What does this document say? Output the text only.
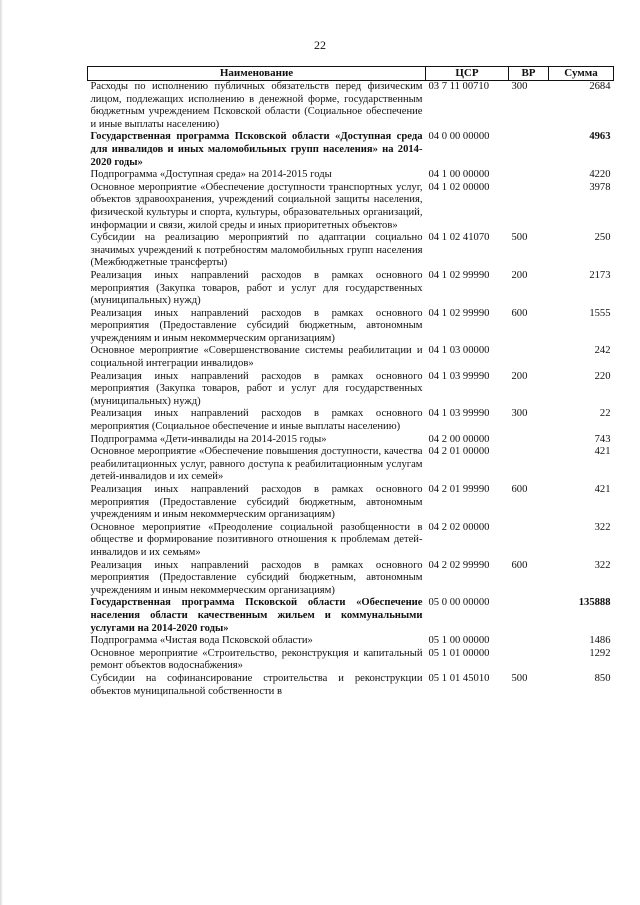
22
Наименование	ЦСР	ВР	Сумма
Расходы по исполнению публичных обязательств перед физическим лицом, подлежащих исполнению в денежной форме, государственным бюджетным учреждением Псковской области (Социальное обеспечение и иные выплаты населению)	03 7 11 00710	300	2684
Государственная программа Псковской области «Доступная среда для инвалидов и иных маломобильных групп населения» на 2014-2020 годы»	04 0 00 00000		4963
Подпрограмма «Доступная среда» на 2014-2015 годы	04 1 00 00000		4220
Основное мероприятие «Обеспечение доступности транспортных услуг, объектов здравоохранения, учреждений социальной защиты населения, физической культуры и спорта, культуры, образовательных организаций, информации и связи, жилой среды и иных приоритетных объектов»	04 1 02 00000		3978
Субсидии на реализацию мероприятий по адаптации социально значимых учреждений к потребностям маломобильных групп населения (Межбюджетные трансферты)	04 1 02 41070	500	250
Реализация иных направлений расходов в рамках основного мероприятия (Закупка товаров, работ и услуг для государственных (муниципальных) нужд)	04 1 02 99990	200	2173
Реализация иных направлений расходов в рамках основного мероприятия (Предоставление субсидий бюджетным, автономным учреждениям и иным некоммерческим организациям)	04 1 02 99990	600	1555
Основное мероприятие «Совершенствование системы реабилитации и социальной интеграции инвалидов»	04 1 03 00000		242
Реализация иных направлений расходов в рамках основного мероприятия (Закупка товаров, работ и услуг для государственных (муниципальных) нужд)	04 1 03 99990	200	220
Реализация иных направлений расходов в рамках основного мероприятия (Социальное обеспечение и иные выплаты населению)	04 1 03 99990	300	22
Подпрограмма «Дети-инвалиды на 2014-2015 годы»	04 2 00 00000		743
Основное мероприятие «Обеспечение повышения доступности, качества реабилитационных услуг, равного доступа к реабилитационным услугам детей-инвалидов и их семей»	04 2 01 00000		421
Реализация иных направлений расходов в рамках основного мероприятия (Предоставление субсидий бюджетным, автономным учреждениям и иным некоммерческим организациям)	04 2 01 99990	600	421
Основное мероприятие «Преодоление социальной разобщенности в обществе и формирование позитивного отношения к проблемам детей-инвалидов и их семьям»	04 2 02 00000		322
Реализация иных направлений расходов в рамках основного мероприятия (Предоставление субсидий бюджетным, автономным учреждениям и иным некоммерческим организациям)	04 2 02 99990	600	322
Государственная программа Псковской области «Обеспечение населения области качественным жильем и коммунальными услугами на 2014-2020 годы»	05 0 00 00000		135888
Подпрограмма «Чистая вода Псковской области»	05 1 00 00000		1486
Основное мероприятие «Строительство, реконструкция и капитальный ремонт объектов водоснабжения»	05 1 01 00000		1292
Субсидии на софинансирование строительства и реконструкции объектов муниципальной собственности в	05 1 01 45010	500	850
